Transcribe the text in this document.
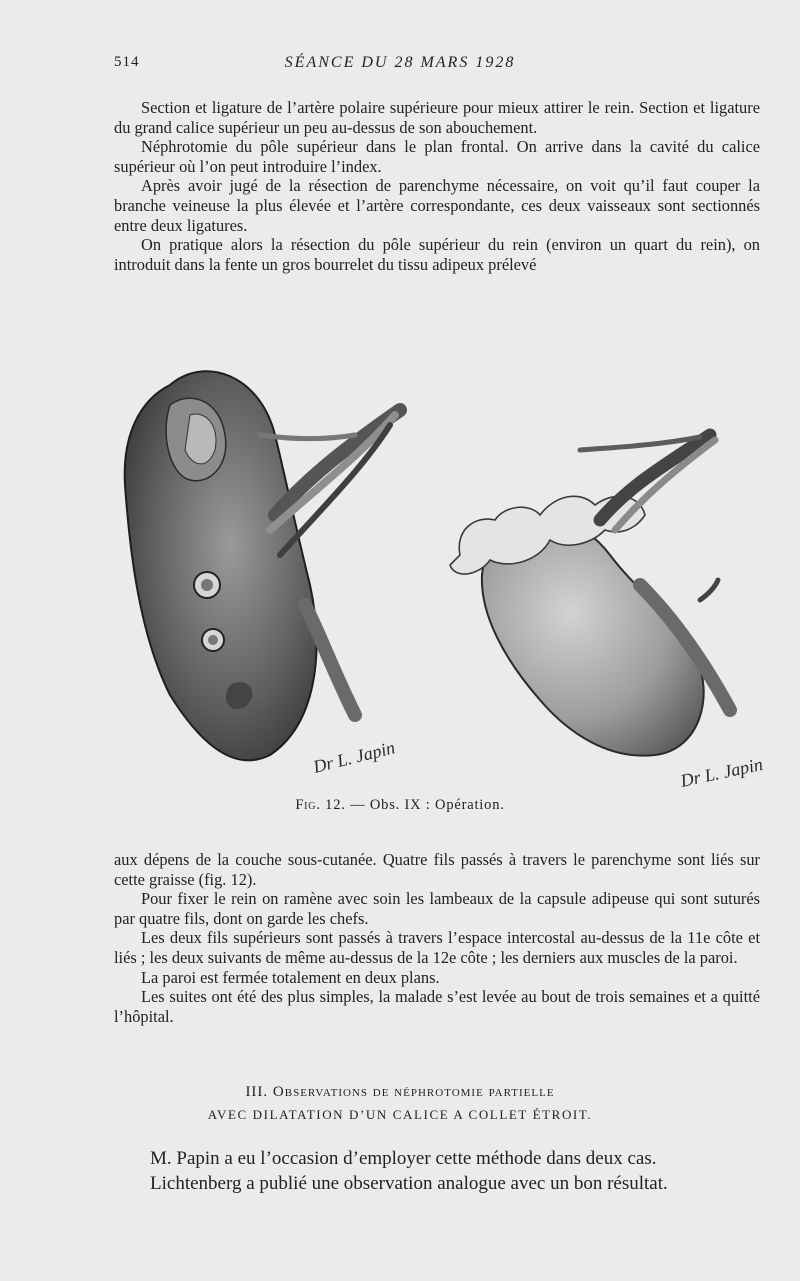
514	SÉANCE DU 28 MARS 1928

Section et ligature de l’artère polaire supérieure pour mieux attirer le rein. Section et ligature du grand calice supérieur un peu au-dessus de son abouchement.

Néphrotomie du pôle supérieur dans le plan frontal. On arrive dans la cavité du calice supérieur où l’on peut introduire l’index.

Après avoir jugé de la résection de parenchyme nécessaire, on voit qu’il faut couper la branche veineuse la plus élevée et l’artère correspondante, ces deux vaisseaux sont sectionnés entre deux ligatures.

On pratique alors la résection du pôle supérieur du rein (environ un quart du rein), on introduit dans la fente un gros bourrelet du tissu adipeux prélevé

Dr L. Japin	Dr L. Japin
Fig. 12. — Obs. IX : Opération.

aux dépens de la couche sous-cutanée. Quatre fils passés à travers le parenchyme sont liés sur cette graisse (fig. 12).

Pour fixer le rein on ramène avec soin les lambeaux de la capsule adipeuse qui sont suturés par quatre fils, dont on garde les chefs.

Les deux fils supérieurs sont passés à travers l’espace intercostal au-dessus de la 11e côte et liés ; les deux suivants de même au-dessus de la 12e côte ; les derniers aux muscles de la paroi.

La paroi est fermée totalement en deux plans.

Les suites ont été des plus simples, la malade s’est levée au bout de trois semaines et a quitté l’hôpital.

III. Observations de néphrotomie partielle
AVEC DILATATION D’UN CALICE A COLLET ÉTROIT.

M. Papin a eu l’occasion d’employer cette méthode dans deux cas.

Lichtenberg a publié une observation analogue avec un bon résultat.
